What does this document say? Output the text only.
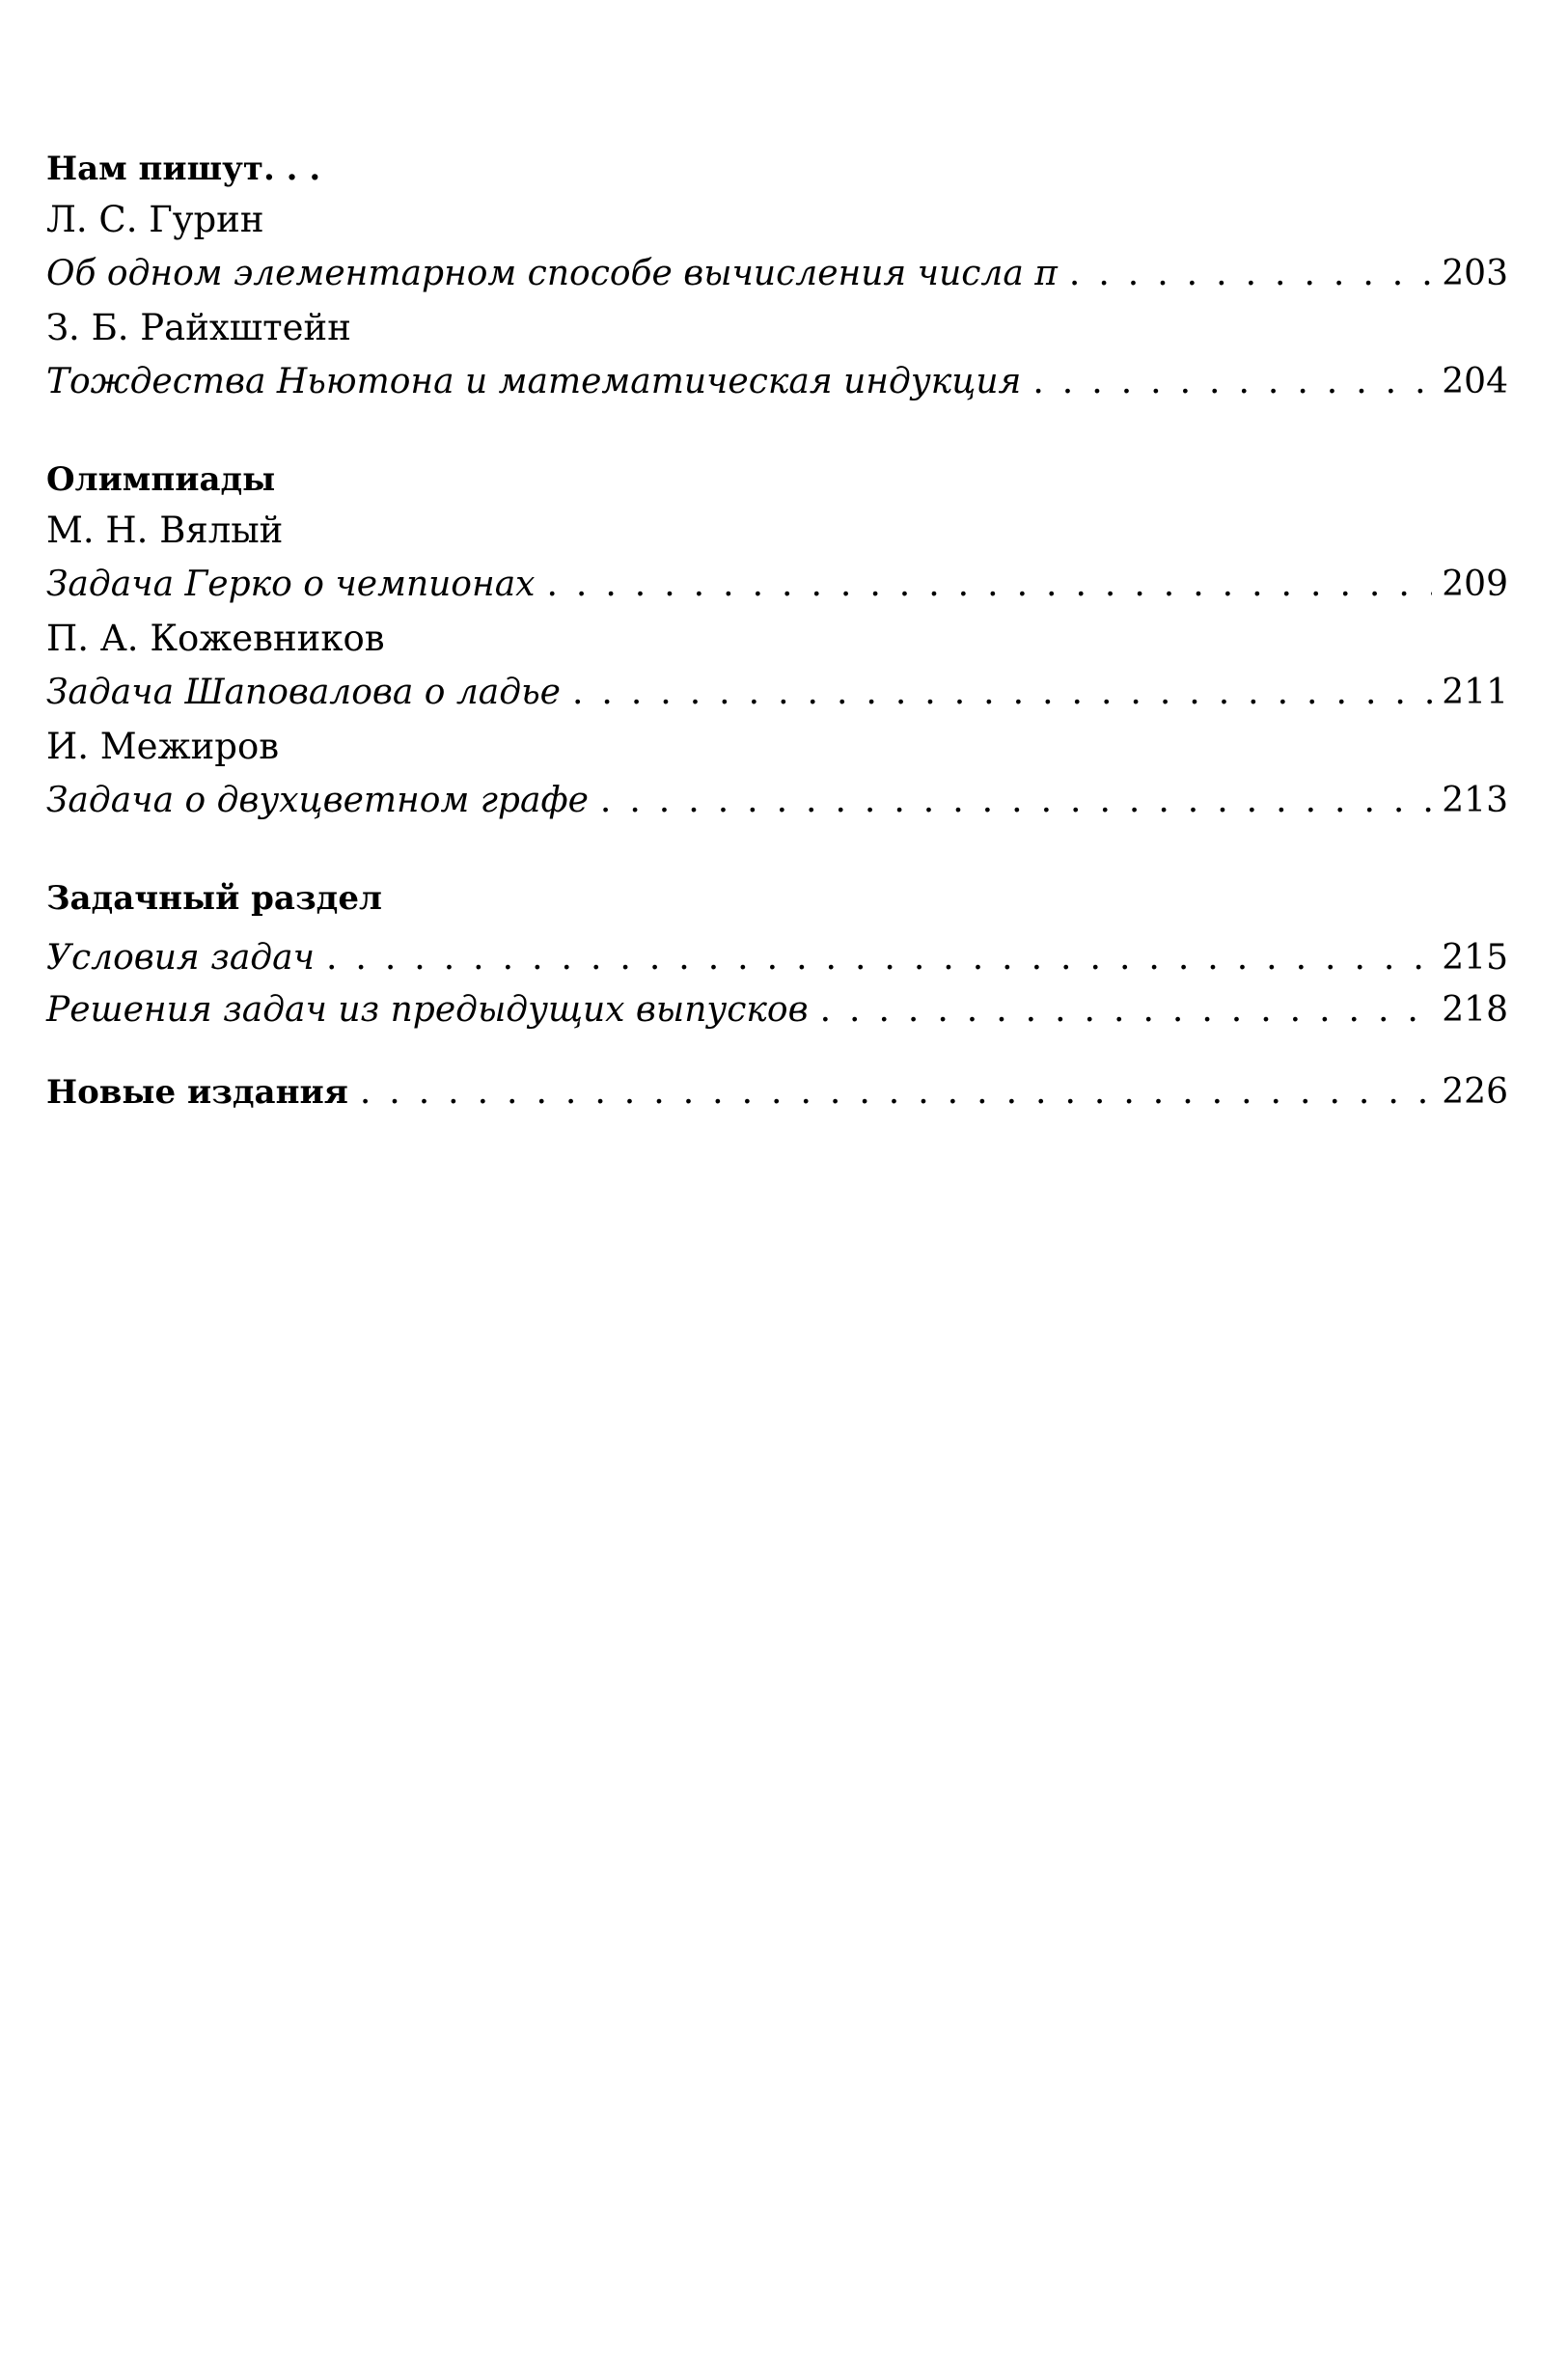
Нам пишут. . .
Л. С. Гурин
Об одном элементарном способе вычисления числа π .....	203
З. Б. Райхштейн
Тождества Ньютона и математическая индукция .....	204
Олимпиады
М. Н. Вялый
Задача Герко о чемпионах .....	209
П. А. Кожевников
Задача Шаповалова о ладье .....	211
И. Межиров
Задача о двухцветном графе .....	213
Задачный раздел
Условия задач .....	215
Решения задач из предыдущих выпусков .....	218
Новые издания .....	226
